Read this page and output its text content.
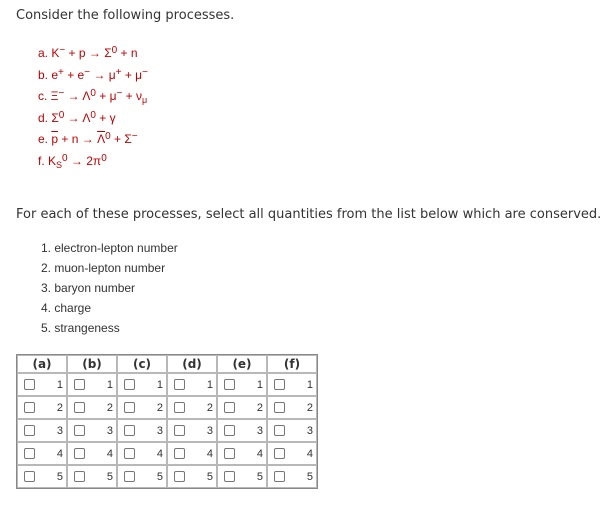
Consider the following processes.
a. $K^- + p \to \Sigma^0 + n$
b. e+ + e− → μ+ + μ−
c. $\Xi^- \to \Lambda^0 + \mu^- + \nu_\mu$
d. $\Sigma^0 \to \Lambda^0 + \gamma$
e. $\overline{p} + n \to \overline{\Lambda}^0 + \Sigma^-$
f. $K_S^0 \to 2\pi^0$
For each of these processes, select all quantities from the list below which are conserved.
1. electron-lepton number
2. muon-lepton number
3. baryon number
4. charge
5. strangeness
(a)	(b)	(c)	(d)	(e)	(f)

1	1	1	1	1	1

2	2	2	2	2	2

3	3	3	3	3	3

4	4	4	4	4	4

5	5	5	5	5	5
